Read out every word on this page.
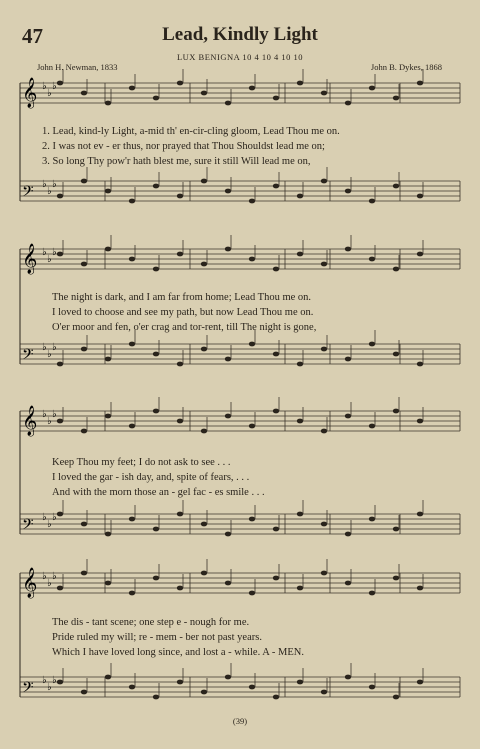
𝄞 ♭
♭
♭
𝄢 ♭
♭
♭
𝄞 ♭
♭
♭
𝄢 ♭
♭
♭
𝄞 ♭
♭
♭
𝄢 ♭
♭
♭
𝄞 ♭
♭
♭
𝄢 ♭
♭
♭
47	Lead, Kindly Light
LUX BENIGNA 10 4 10 4 10 10
John H. Newman, 1833	John B. Dykes, 1868
1. Lead, kind-ly Light, a-mid th' en-cir-cling gloom, Lead Thou me on.
2. I was not ev - er thus, nor prayed that Thou Shouldst lead me on;
3. So long Thy pow'r hath blest me, sure it still Will lead me on,
The night is dark, and I am far from home; Lead Thou me on.
I loved to choose and see my path, but now Lead Thou me on.
O'er moor and fen, o'er crag and tor-rent, till The night is gone,
Keep Thou my feet; I do not ask to see . . .
I loved the gar - ish day, and, spite of fears, . . .
And with the morn those an - gel fac - es smile . . .
The dis - tant scene; one step e - nough for me.
Pride ruled my will; re - mem - ber not past years.
Which I have loved long since, and lost a - while. A - MEN.
(39)
